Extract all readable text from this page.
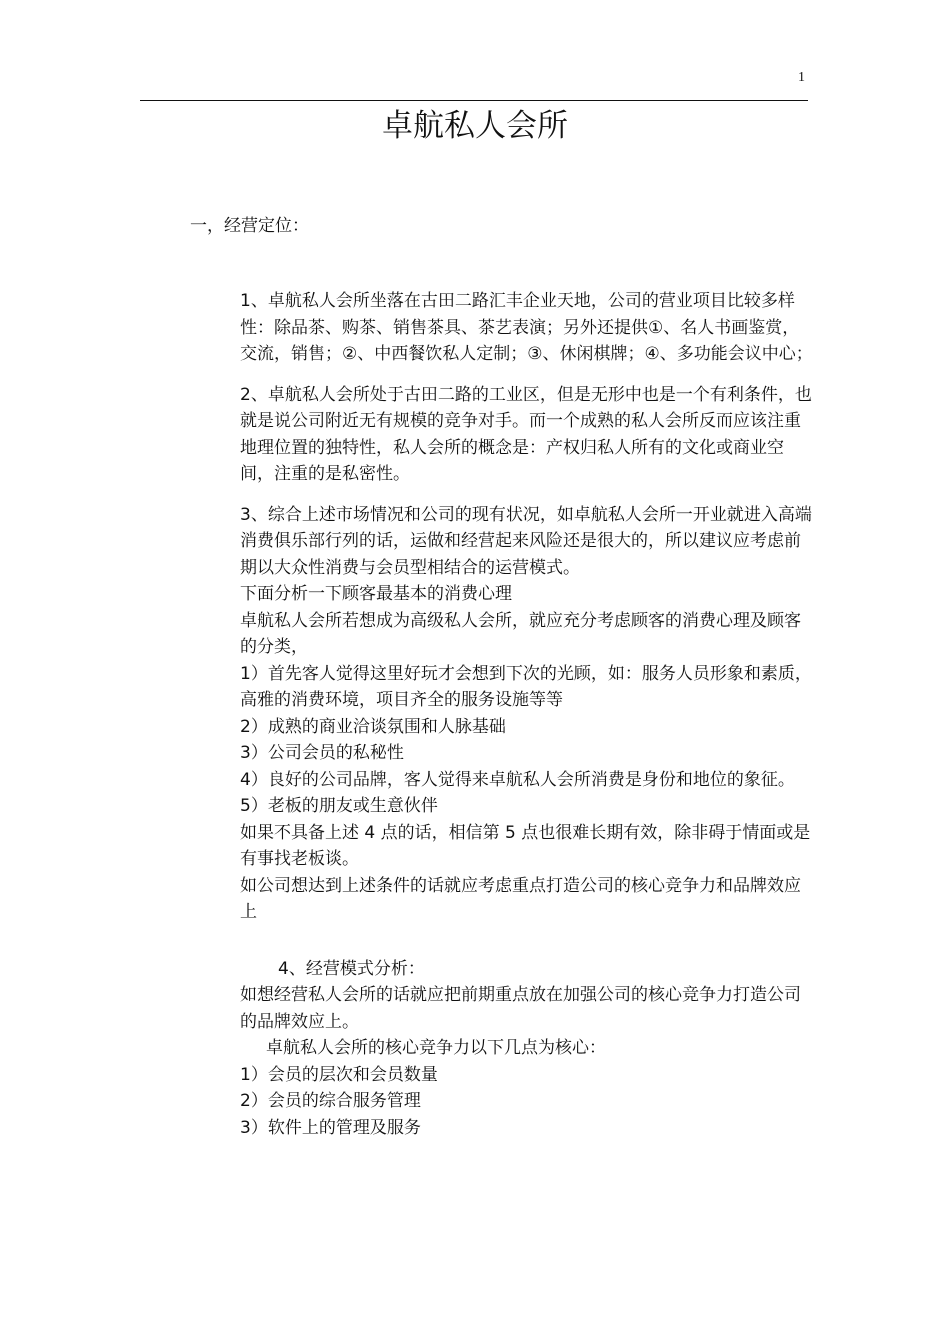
1
卓航私人会所
一，经营定位：

1、卓航私人会所坐落在古田二路汇丰企业天地，公司的营业项目比较多样性：除品茶、购茶、销售茶具、茶艺表演；另外还提供①、名人书画鉴赏，交流，销售；②、中西餐饮私人定制；③、休闲棋牌；④、多功能会议中心；

2、卓航私人会所处于古田二路的工业区，但是无形中也是一个有利条件，也就是说公司附近无有规模的竞争对手。而一个成熟的私人会所反而应该注重地理位置的独特性，私人会所的概念是：产权归私人所有的文化或商业空间，注重的是私密性。

3、综合上述市场情况和公司的现有状况，如卓航私人会所一开业就进入高端消费俱乐部行列的话，运做和经营起来风险还是很大的，所以建议应考虑前期以大众性消费与会员型相结合的运营模式。

下面分析一下顾客最基本的消费心理

卓航私人会所若想成为高级私人会所，就应充分考虑顾客的消费心理及顾客的分类，

1）首先客人觉得这里好玩才会想到下次的光顾，如：服务人员形象和素质，高雅的消费环境，项目齐全的服务设施等等

2）成熟的商业洽谈氛围和人脉基础

3）公司会员的私秘性

4）良好的公司品牌，客人觉得来卓航私人会所消费是身份和地位的象征。

5）老板的朋友或生意伙伴

如果不具备上述 4 点的话，相信第 5 点也很难长期有效，除非碍于情面或是有事找老板谈。

如公司想达到上述条件的话就应考虑重点打造公司的核心竞争力和品牌效应上

4、经营模式分析：

如想经营私人会所的话就应把前期重点放在加强公司的核心竞争力打造公司的品牌效应上。

卓航私人会所的核心竞争力以下几点为核心：

1）会员的层次和会员数量

2）会员的综合服务管理

3）软件上的管理及服务
